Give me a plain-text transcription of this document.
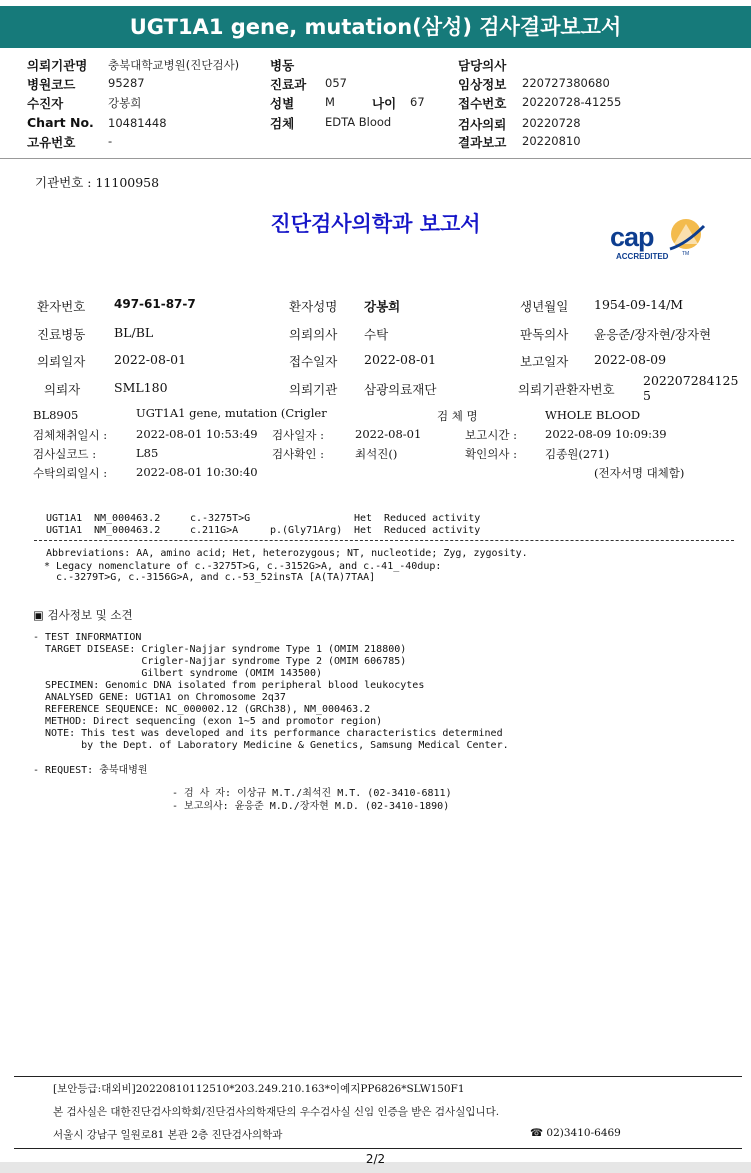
UGT1A1 gene, mutation(삼성) 검사결과보고서
의뢰기관명 충북대학교병원(진단검사) 병동	담당의사
병원코드	95287	진료과 057	임상정보 220727380680
수진자	강봉희	성별	M	나이 67	접수번호 20220728-41255
Chart No. 10481448	검체	EDTA Blood	검사의뢰 20220728
고유번호	-	결과보고 20220810
기관번호 : 11100958
진단검사의학과 보고서	cap
ACCREDITED	TM
환자번호 497-61-87-7	환자성명 강봉희	생년월일 1954-09-14/M
진료병동 BL/BL	의뢰의사 수탁	판독의사 윤응준/장자현/장자현
의뢰일자 2022-08-01	접수일자 2022-08-01	보고일자 2022-08-09
의뢰자	SML180	의뢰기관 삼광의료재단	의뢰기관환자번호
202207284125
5
BL8905	UGT1A1 gene, mutation (Crigler	검 체 명	WHOLE BLOOD
검체채취일시 :	2022-08-01 10:53:49 검사일자 :	2022-08-01	보고시간 : 2022-08-09 10:09:39
검사실코드 :	L85	검사확인 :	최석진()	확인의사 : 김종원(271)
수탁의뢰일시 :	2022-08-01 10:30:40	(전자서명 대체함)
UGT1A1 NM_000463.2	c.-3275T>G	Het Reduced activity
UGT1A1 NM_000463.2	c.211G>A	p.(Gly71Arg) Het Reduced activity
Abbreviations: AA, amino acid; Het, heterozygous; NT, nucleotide; Zyg, zygosity.
* Legacy nomenclature of c.-3275T>G, c.-3152G>A, and c.-41_-40dup:
c.-3279T>G, c.-3156G>A, and c.-53_52insTA [A(TA)7TAA]
▣ 검사정보 및 소견
- TEST INFORMATION
TARGET DISEASE: Crigler-Najjar syndrome Type 1 (OMIM 218800)
Crigler-Najjar syndrome Type 2 (OMIM 606785)
Gilbert syndrome (OMIM 143500)
SPECIMEN: Genomic DNA isolated from peripheral blood leukocytes
ANALYSED GENE: UGT1A1 on Chromosome 2q37
REFERENCE SEQUENCE: NC_000002.12 (GRCh38), NM_000463.2
METHOD: Direct sequencing (exon 1~5 and promotor region)
NOTE: This test was developed and its performance characteristics determined
by the Dept. of Laboratory Medicine & Genetics, Samsung Medical Center.
- REQUEST: 충북대병원
- 검 사 자: 이상규 M.T./최석진 M.T. (02-3410-6811)
- 보고의사: 윤응준 M.D./장자현 M.D. (02-3410-1890)
[보안등급:대외비]20220810112510*203.249.210.163*이예지PP6826*SLW150F1
본 검사실은 대한진단검사의학회/진단검사의학재단의 우수검사실 신임 인증을 받은 검사실입니다.
서울시 강남구 일원로81 본관 2층 진단검사의학과	☎ 02)3410-6469
2/2
